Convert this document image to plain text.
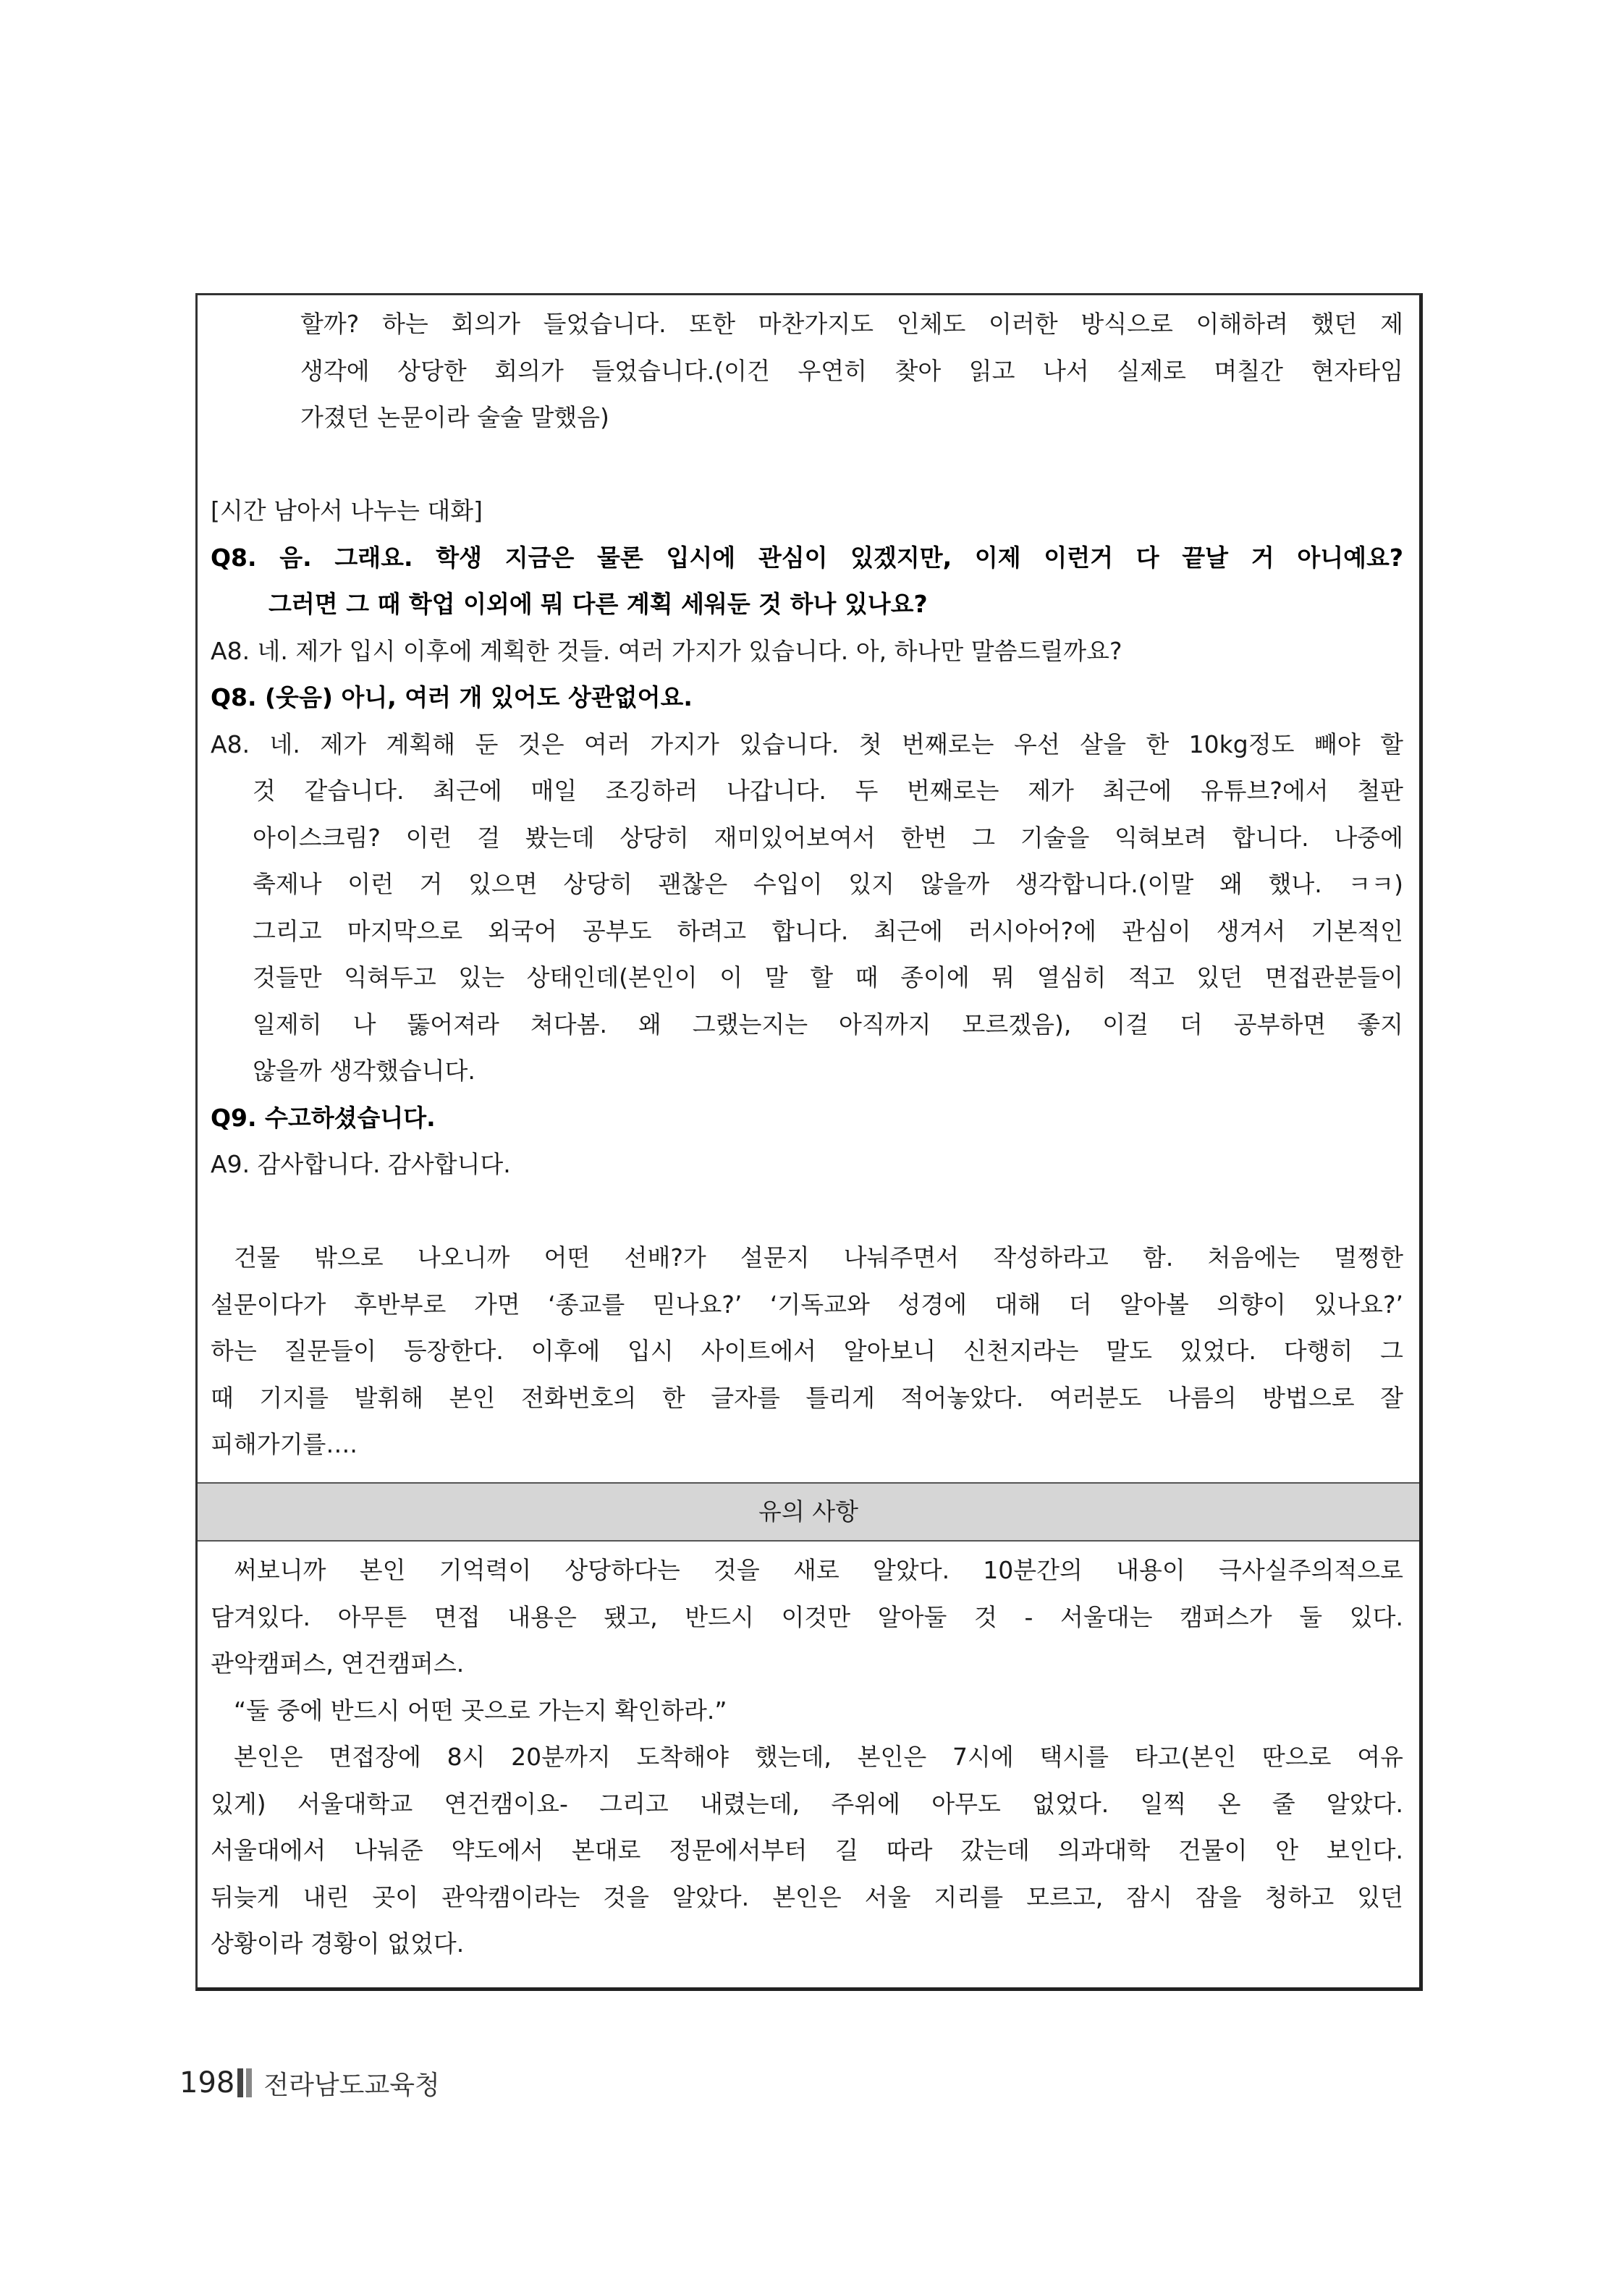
할까? 하는 회의가 들었습니다. 또한 마찬가지도 인체도 이러한 방식으로 이해하려 했던 제
생각에 상당한 회의가 들었습니다.(이건 우연히 찾아 읽고 나서 실제로 며칠간 현자타임
가졌던 논문이라 술술 말했음)
[시간 남아서 나누는 대화]
Q8. 음. 그래요. 학생 지금은 물론 입시에 관심이 있겠지만, 이제 이런거 다 끝날 거 아니예요?
그러면 그 때 학업 이외에 뭐 다른 계획 세워둔 것 하나 있나요?
A8. 네. 제가 입시 이후에 계획한 것들. 여러 가지가 있습니다. 아, 하나만 말씀드릴까요?
Q8. (웃음) 아니, 여러 개 있어도 상관없어요.
A8. 네. 제가 계획해 둔 것은 여러 가지가 있습니다. 첫 번째로는 우선 살을 한 10kg정도 빼야 할
것 같습니다. 최근에 매일 조깅하러 나갑니다. 두 번째로는 제가 최근에 유튜브?에서 철판
아이스크림? 이런 걸 봤는데 상당히 재미있어보여서 한번 그 기술을 익혀보려 합니다. 나중에
축제나 이런 거 있으면 상당히 괜찮은 수입이 있지 않을까 생각합니다.(이말 왜 했나. ㅋㅋ)
그리고 마지막으로 외국어 공부도 하려고 합니다. 최근에 러시아어?에 관심이 생겨서 기본적인
것들만 익혀두고 있는 상태인데(본인이 이 말 할 때 종이에 뭐 열심히 적고 있던 면접관분들이
일제히 나 뚫어져라 쳐다봄. 왜 그랬는지는 아직까지 모르겠음), 이걸 더 공부하면 좋지
않을까 생각했습니다.
Q9. 수고하셨습니다.
A9. 감사합니다. 감사합니다.
건물 밖으로 나오니까 어떤 선배?가 설문지 나눠주면서 작성하라고 함. 처음에는 멀쩡한
설문이다가 후반부로 가면 ‘종교를 믿나요?’ ‘기독교와 성경에 대해 더 알아볼 의향이 있나요?’
하는 질문들이 등장한다. 이후에 입시 사이트에서 알아보니 신천지라는 말도 있었다. 다행히 그
때 기지를 발휘해 본인 전화번호의 한 글자를 틀리게 적어놓았다. 여러분도 나름의 방법으로 잘
피해가기를….
유의 사항
써보니까 본인 기억력이 상당하다는 것을 새로 알았다. 10분간의 내용이 극사실주의적으로
담겨있다. 아무튼 면접 내용은 됐고, 반드시 이것만 알아둘 것 - 서울대는 캠퍼스가 둘 있다.
관악캠퍼스, 연건캠퍼스.
“둘 중에 반드시 어떤 곳으로 가는지 확인하라.”
본인은 면접장에 8시 20분까지 도착해야 했는데, 본인은 7시에 택시를 타고(본인 딴으로 여유
있게) 서울대학교 연건캠이요- 그리고 내렸는데, 주위에 아무도 없었다. 일찍 온 줄 알았다.
서울대에서 나눠준 약도에서 본대로 정문에서부터 길 따라 갔는데 의과대학 건물이 안 보인다.
뒤늦게 내린 곳이 관악캠이라는 것을 알았다. 본인은 서울 지리를 모르고, 잠시 잠을 청하고 있던
상황이라 경황이 없었다.
198 전라남도교육청
